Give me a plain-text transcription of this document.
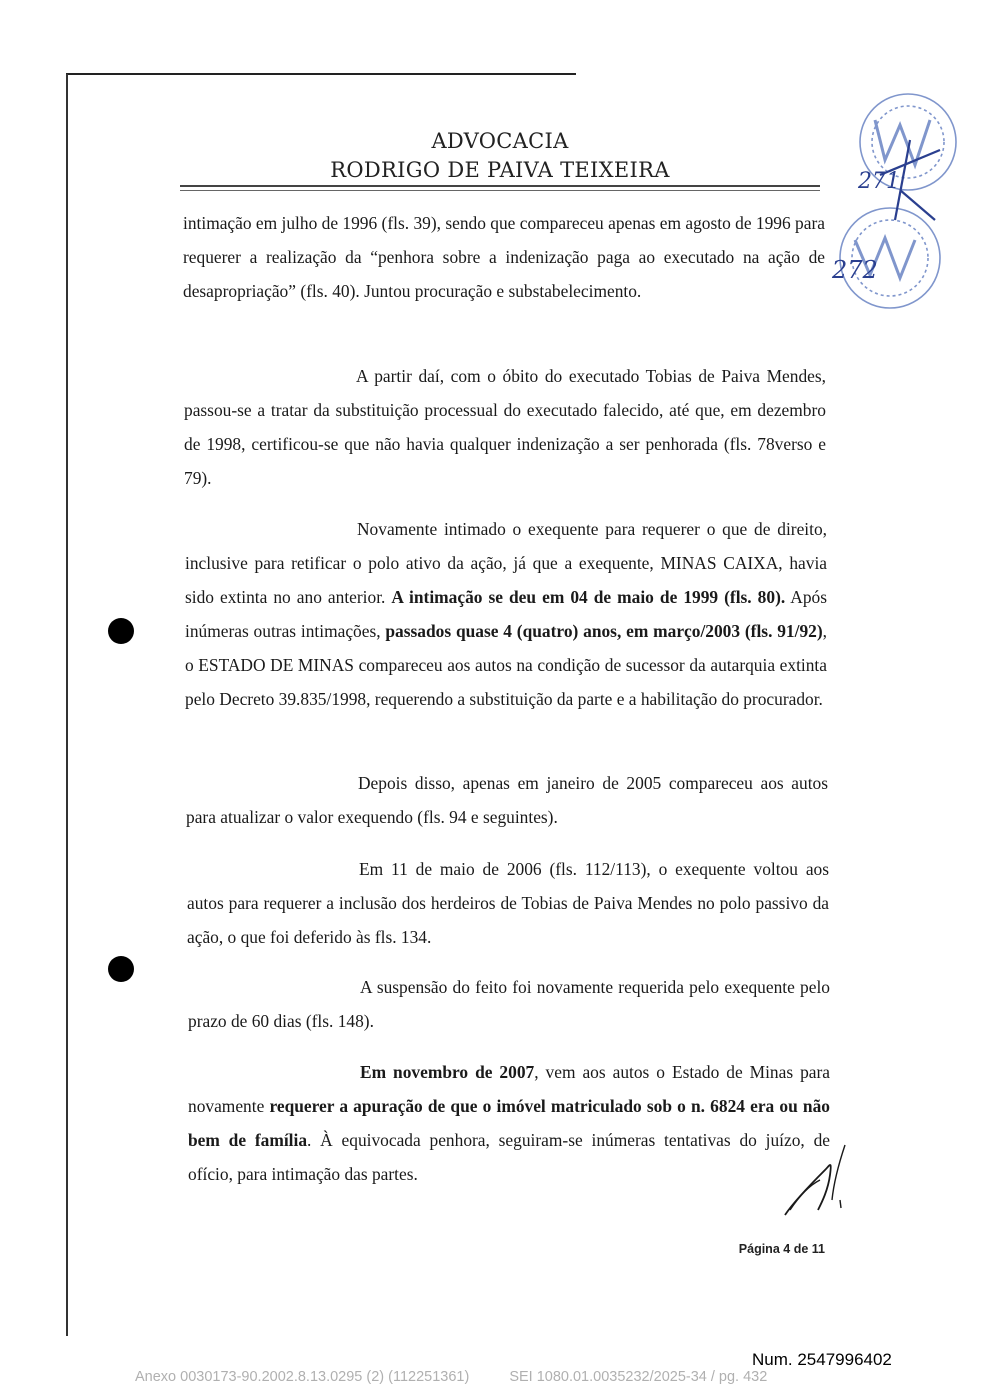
ADVOCACIA
RODRIGO DE PAIVA TEIXEIRA	271
272

intimação em julho de 1996 (fls. 39), sendo que compareceu apenas em agosto de 1996 para requerer a realização da “penhora sobre a indenização paga ao executado na ação de desapropriação” (fls. 40). Juntou procuração e substabelecimento.

A partir daí, com o óbito do executado Tobias de Paiva Mendes, passou-se a tratar da substituição processual do executado falecido, até que, em dezembro de 1998, certificou-se que não havia qualquer indenização a ser penhorada (fls. 78verso e 79).

Novamente intimado o exequente para requerer o que de direito, inclusive para retificar o polo ativo da ação, já que a exequente, MINAS CAIXA, havia sido extinta no ano anterior. A intimação se deu em 04 de maio de 1999 (fls. 80). Após inúmeras outras intimações, passados quase 4 (quatro) anos, em março/2003 (fls. 91/92), o ESTADO DE MINAS compareceu aos autos na condição de sucessor da autarquia extinta pelo Decreto 39.835/1998, requerendo a substituição da parte e a habilitação do procurador.

Depois disso, apenas em janeiro de 2005 compareceu aos autos para atualizar o valor exequendo (fls. 94 e seguintes).

Em 11 de maio de 2006 (fls. 112/113), o exequente voltou aos autos para requerer a inclusão dos herdeiros de Tobias de Paiva Mendes no polo passivo da ação, o que foi deferido às fls. 134.

A suspensão do feito foi novamente requerida pelo exequente pelo prazo de 60 dias (fls. 148).

Em novembro de 2007, vem aos autos o Estado de Minas para novamente requerer a apuração de que o imóvel matriculado sob o n. 6824 era ou não bem de família. À equivocada penhora, seguiram-se inúmeras tentativas do juízo, de ofício, para intimação das partes.

Página 4 de 11
Num. 2547996402
Anexo 0030173-90.2002.8.13.0295 (2) (112251361)	SEI 1080.01.0035232/2025-34 / pg. 432
